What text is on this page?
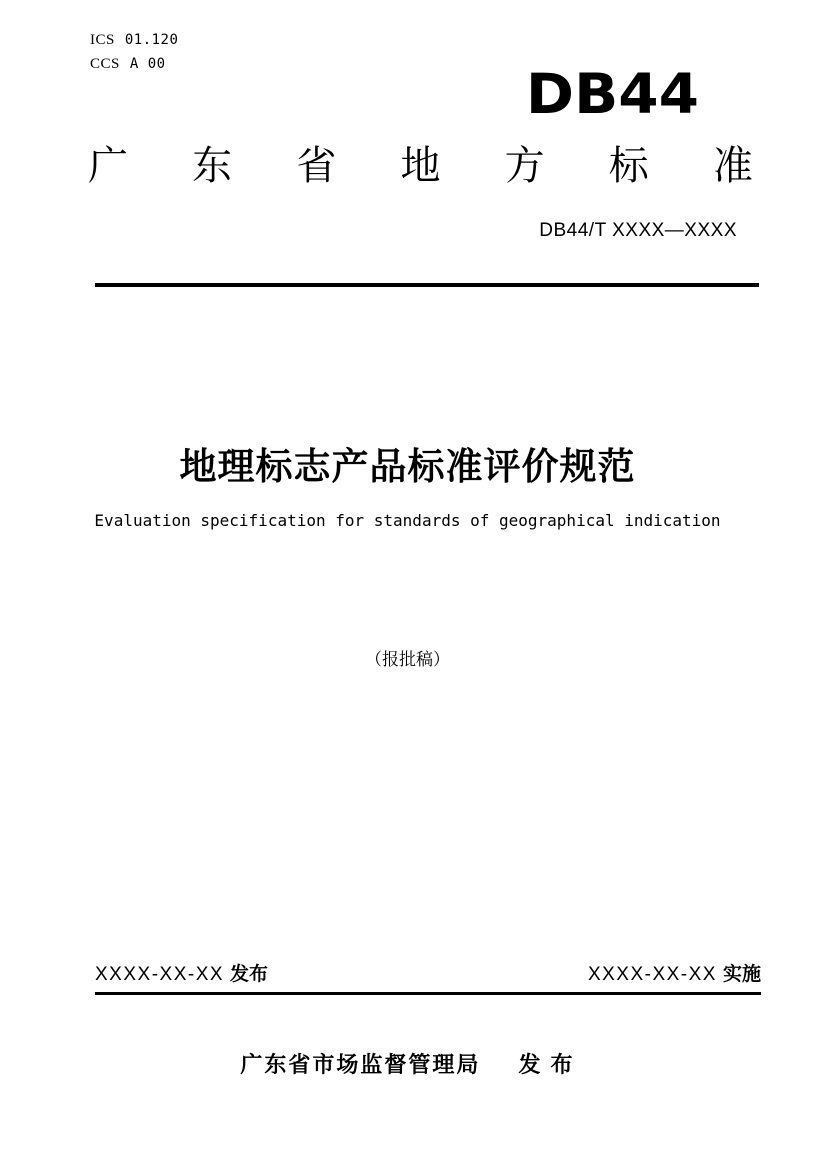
ICS 01.120
CCS A 00	DB44
广 东 省 地 方 标 准
DB44/T XXXX—XXXX
地理标志产品标准评价规范
Evaluation specification for standards of geographical indication
（报批稿）
XXXX-XX-XX 发布	XXXX-XX-XX 实施
广东省市场监督管理局 发 布
